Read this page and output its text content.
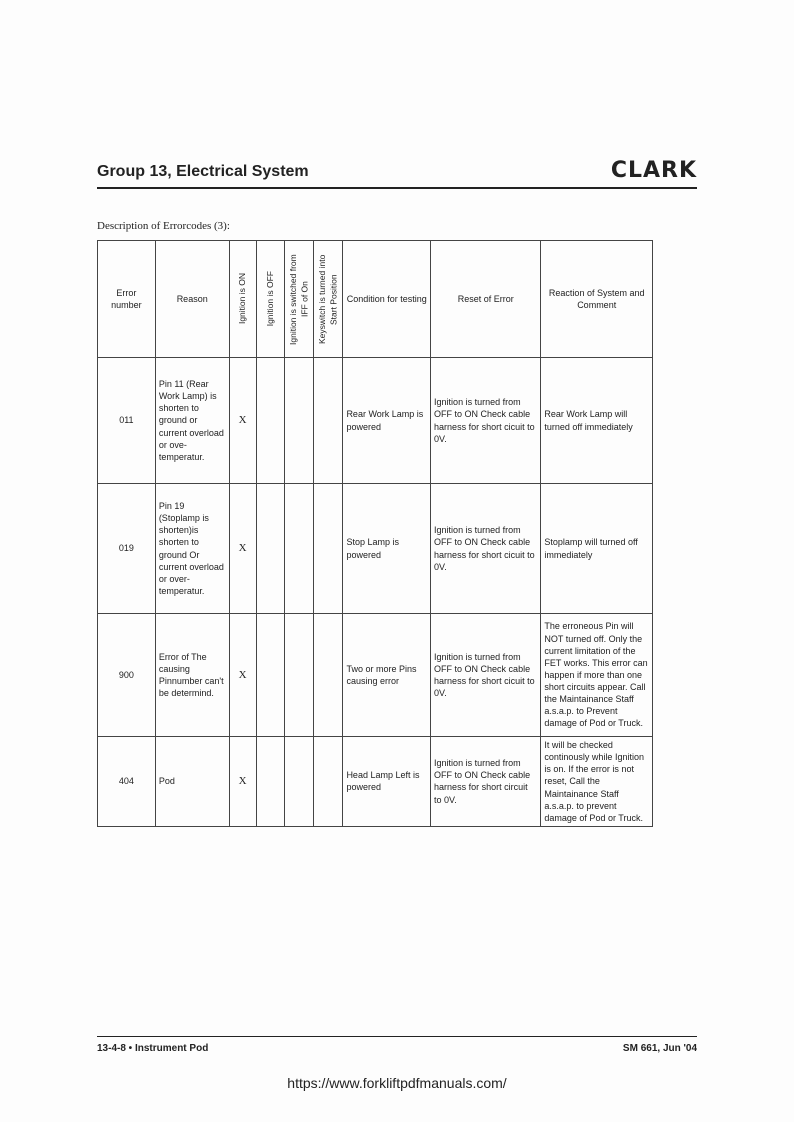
Group 13, Electrical System	CLARK
Description of Errorcodes (3):
Error number	Reason	Ignition is ON	Ignition is OFF	Ignition is switched from IFF of On	Keyswitch is turned into Start Position	Condition for testing	Reset of Error	Reaction of System and Comment
011	Pin 11 (Rear Work Lamp) is shorten to ground or current overload or ove-temperatur.	X				Rear Work Lamp is powered	Ignition is turned from OFF to ON Check cable harness for short cicuit to 0V.	Rear Work Lamp will turned off immediately
019	Pin 19 (Stoplamp is shorten)is shorten to ground Or current overload or over-temperatur.	X				Stop Lamp is powered	Ignition is turned from OFF to ON Check cable harness for short cicuit to 0V.	Stoplamp will turned off immediately
900	Error of The causing Pinnumber can't be determind.	X				Two or more Pins causing error	Ignition is turned from OFF to ON Check cable harness for short cicuit to 0V.	The erroneous Pin will NOT turned off. Only the current limitation of the FET works. This error can happen if more than one short circuits appear. Call the Maintainance Staff a.s.a.p. to Prevent damage of Pod or Truck.
404	Pod	X				Head Lamp Left is powered	Ignition is turned from OFF to ON Check cable harness for short circuit to 0V.	It will be checked continously while Ignition is on. If the error is not reset, Call the Maintainance Staff a.s.a.p. to prevent damage of Pod or Truck.
13-4-8 • Instrument Pod	SM 661, Jun '04
https://www.forkliftpdfmanuals.com/
